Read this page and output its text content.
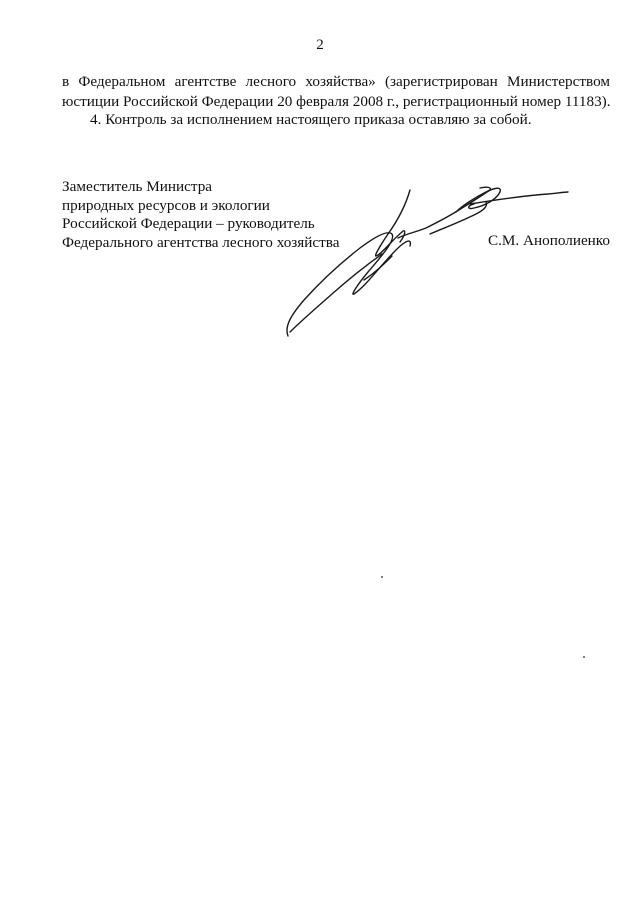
2
в Федеральном агентстве лесного хозяйства» (зарегистрирован Министерством
юстиции Российской Федерации 20 февраля 2008 г., регистрационный номер 11183).
4. Контроль за исполнением настоящего приказа оставляю за собой.
Заместитель Министра
природных ресурсов и экологии
Российской Федерации – руководитель
Федерального агентства лесного хозяйства	С.М. Анополиенко
